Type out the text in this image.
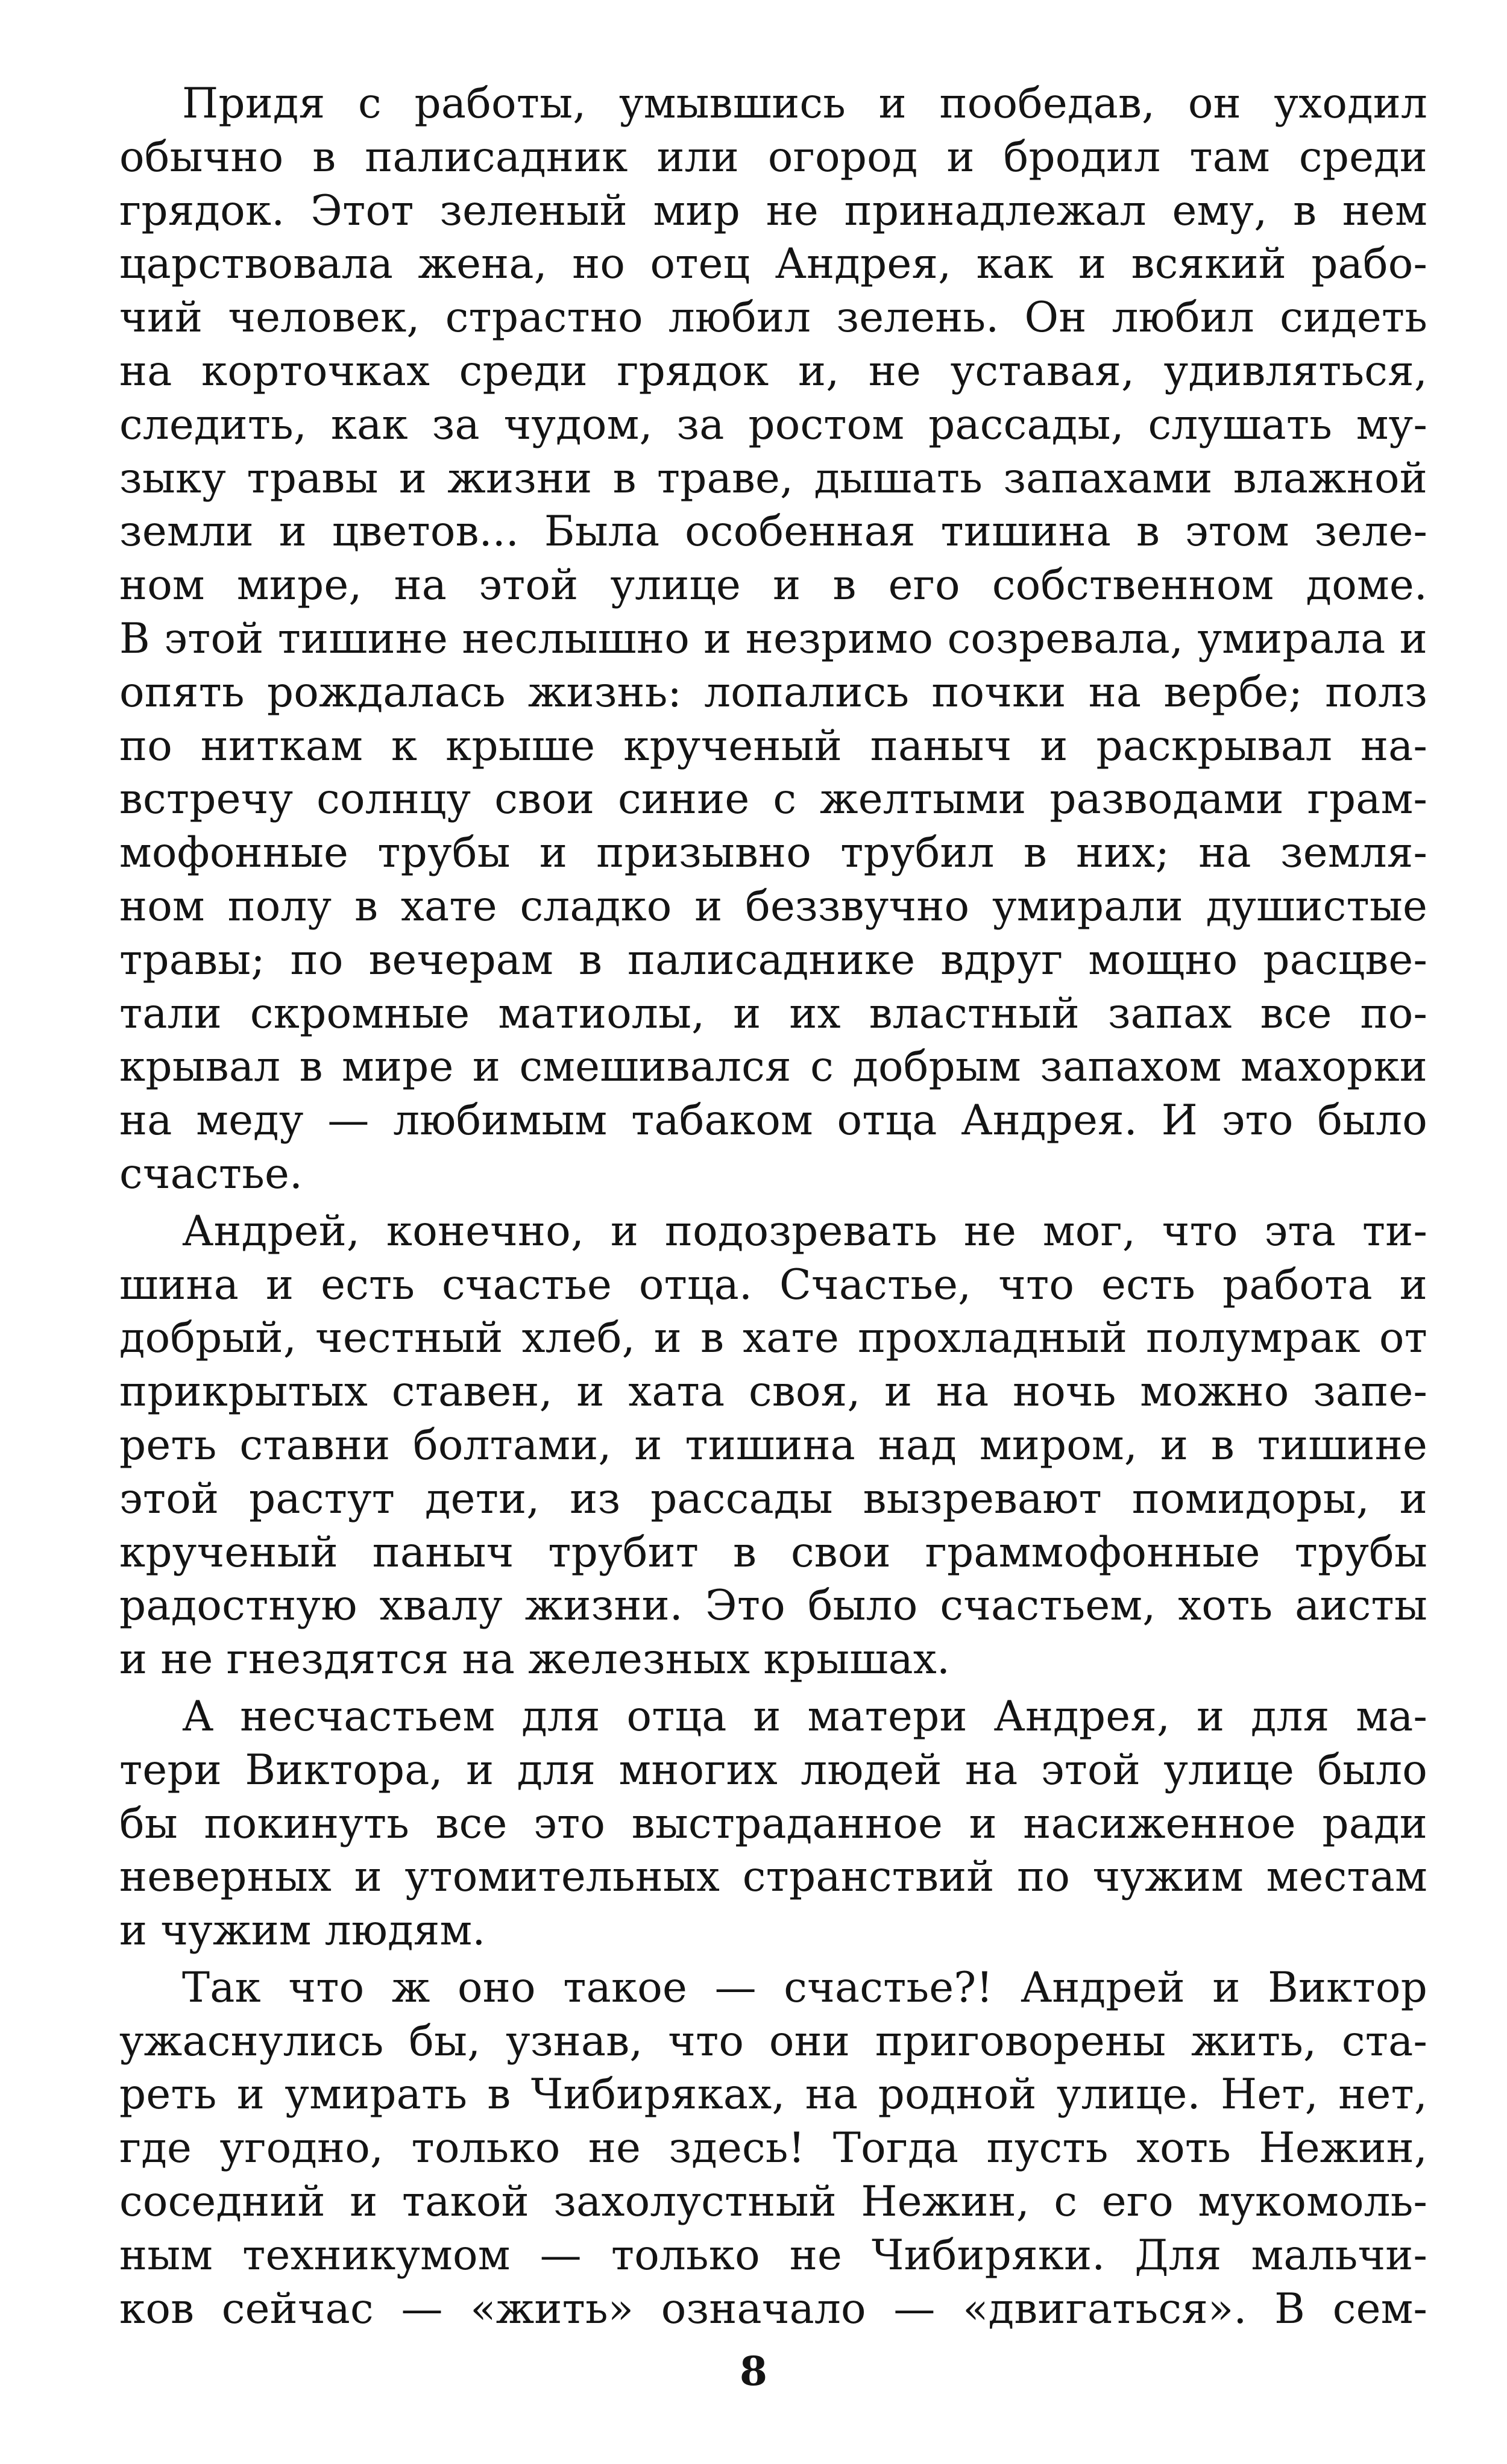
Придя с работы, умывшись и пообедав, он уходил
обычно в палисадник или огород и бродил там среди
грядок. Этот зеленый мир не принадлежал ему, в нем
царствовала жена, но отец Андрея, как и всякий рабо-
чий человек, страстно любил зелень. Он любил сидеть
на корточках среди грядок и, не уставая, удивляться,
следить, как за чудом, за ростом рассады, слушать му-
зыку травы и жизни в траве, дышать запахами влажной
земли и цветов... Была особенная тишина в этом зеле-
ном мире, на этой улице и в его собственном доме.
В этой тишине неслышно и незримо созревала, умирала и
опять рождалась жизнь: лопались почки на вербе; полз
по ниткам к крыше крученый паныч и раскрывал на-
встречу солнцу свои синие с желтыми разводами грам-
мофонные трубы и призывно трубил в них; на земля-
ном полу в хате сладко и беззвучно умирали душистые
травы; по вечерам в палисаднике вдруг мощно расцве-
тали скромные матиолы, и их властный запах все по-
крывал в мире и смешивался с добрым запахом махорки
на меду — любимым табаком отца Андрея. И это было
счастье.
Андрей, конечно, и подозревать не мог, что эта ти-
шина и есть счастье отца. Счастье, что есть работа и
добрый, честный хлеб, и в хате прохладный полумрак от
прикрытых ставен, и хата своя, и на ночь можно запе-
реть ставни болтами, и тишина над миром, и в тишине
этой растут дети, из рассады вызревают помидоры, и
крученый паныч трубит в свои граммофонные трубы
радостную хвалу жизни. Это было счастьем, хоть аисты
и не гнездятся на железных крышах.
А несчастьем для отца и матери Андрея, и для ма-
тери Виктора, и для многих людей на этой улице было
бы покинуть все это выстраданное и насиженное ради
неверных и утомительных странствий по чужим местам
и чужим людям.
Так что ж оно такое — счастье?! Андрей и Виктор
ужаснулись бы, узнав, что они приговорены жить, ста-
реть и умирать в Чибиряках, на родной улице. Нет, нет,
где угодно, только не здесь! Тогда пусть хоть Нежин,
соседний и такой захолустный Нежин, с его мукомоль-
ным техникумом — только не Чибиряки. Для мальчи-
ков сейчас — «жить» означало — «двигаться». В сем-
8
